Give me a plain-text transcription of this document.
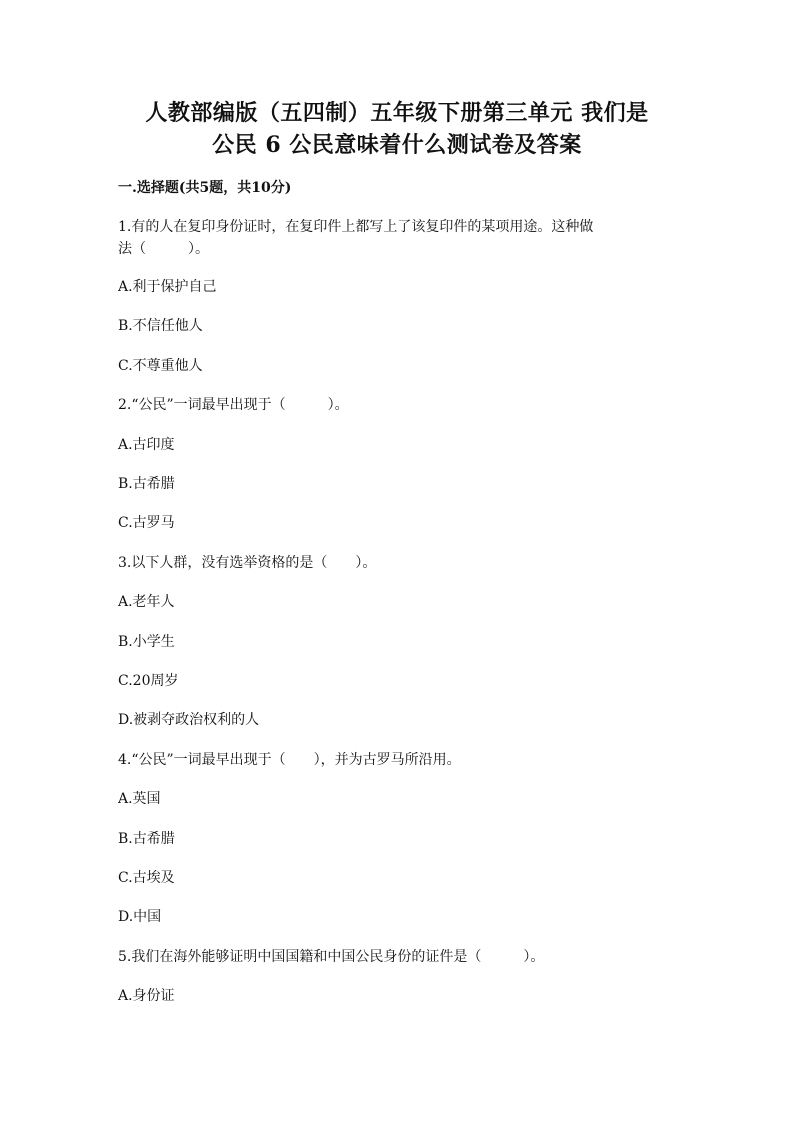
人教部编版（五四制）五年级下册第三单元 我们是
公民 6 公民意味着什么测试卷及答案
一.选择题(共5题，共10分)
1.有的人在复印身份证时，在复印件上都写上了该复印件的某项用途。这种做
法（　　　）。
A.利于保护自己
B.不信任他人
C.不尊重他人
2.“公民”一词最早出现于（　　　）。
A.古印度
B.古希腊
C.古罗马
3.以下人群，没有选举资格的是（　　）。
A.老年人
B.小学生
C.20周岁
D.被剥夺政治权利的人
4.“公民”一词最早出现于（　　），并为古罗马所沿用。
A.英国
B.古希腊
C.古埃及
D.中国
5.我们在海外能够证明中国国籍和中国公民身份的证件是（　　　）。
A.身份证
